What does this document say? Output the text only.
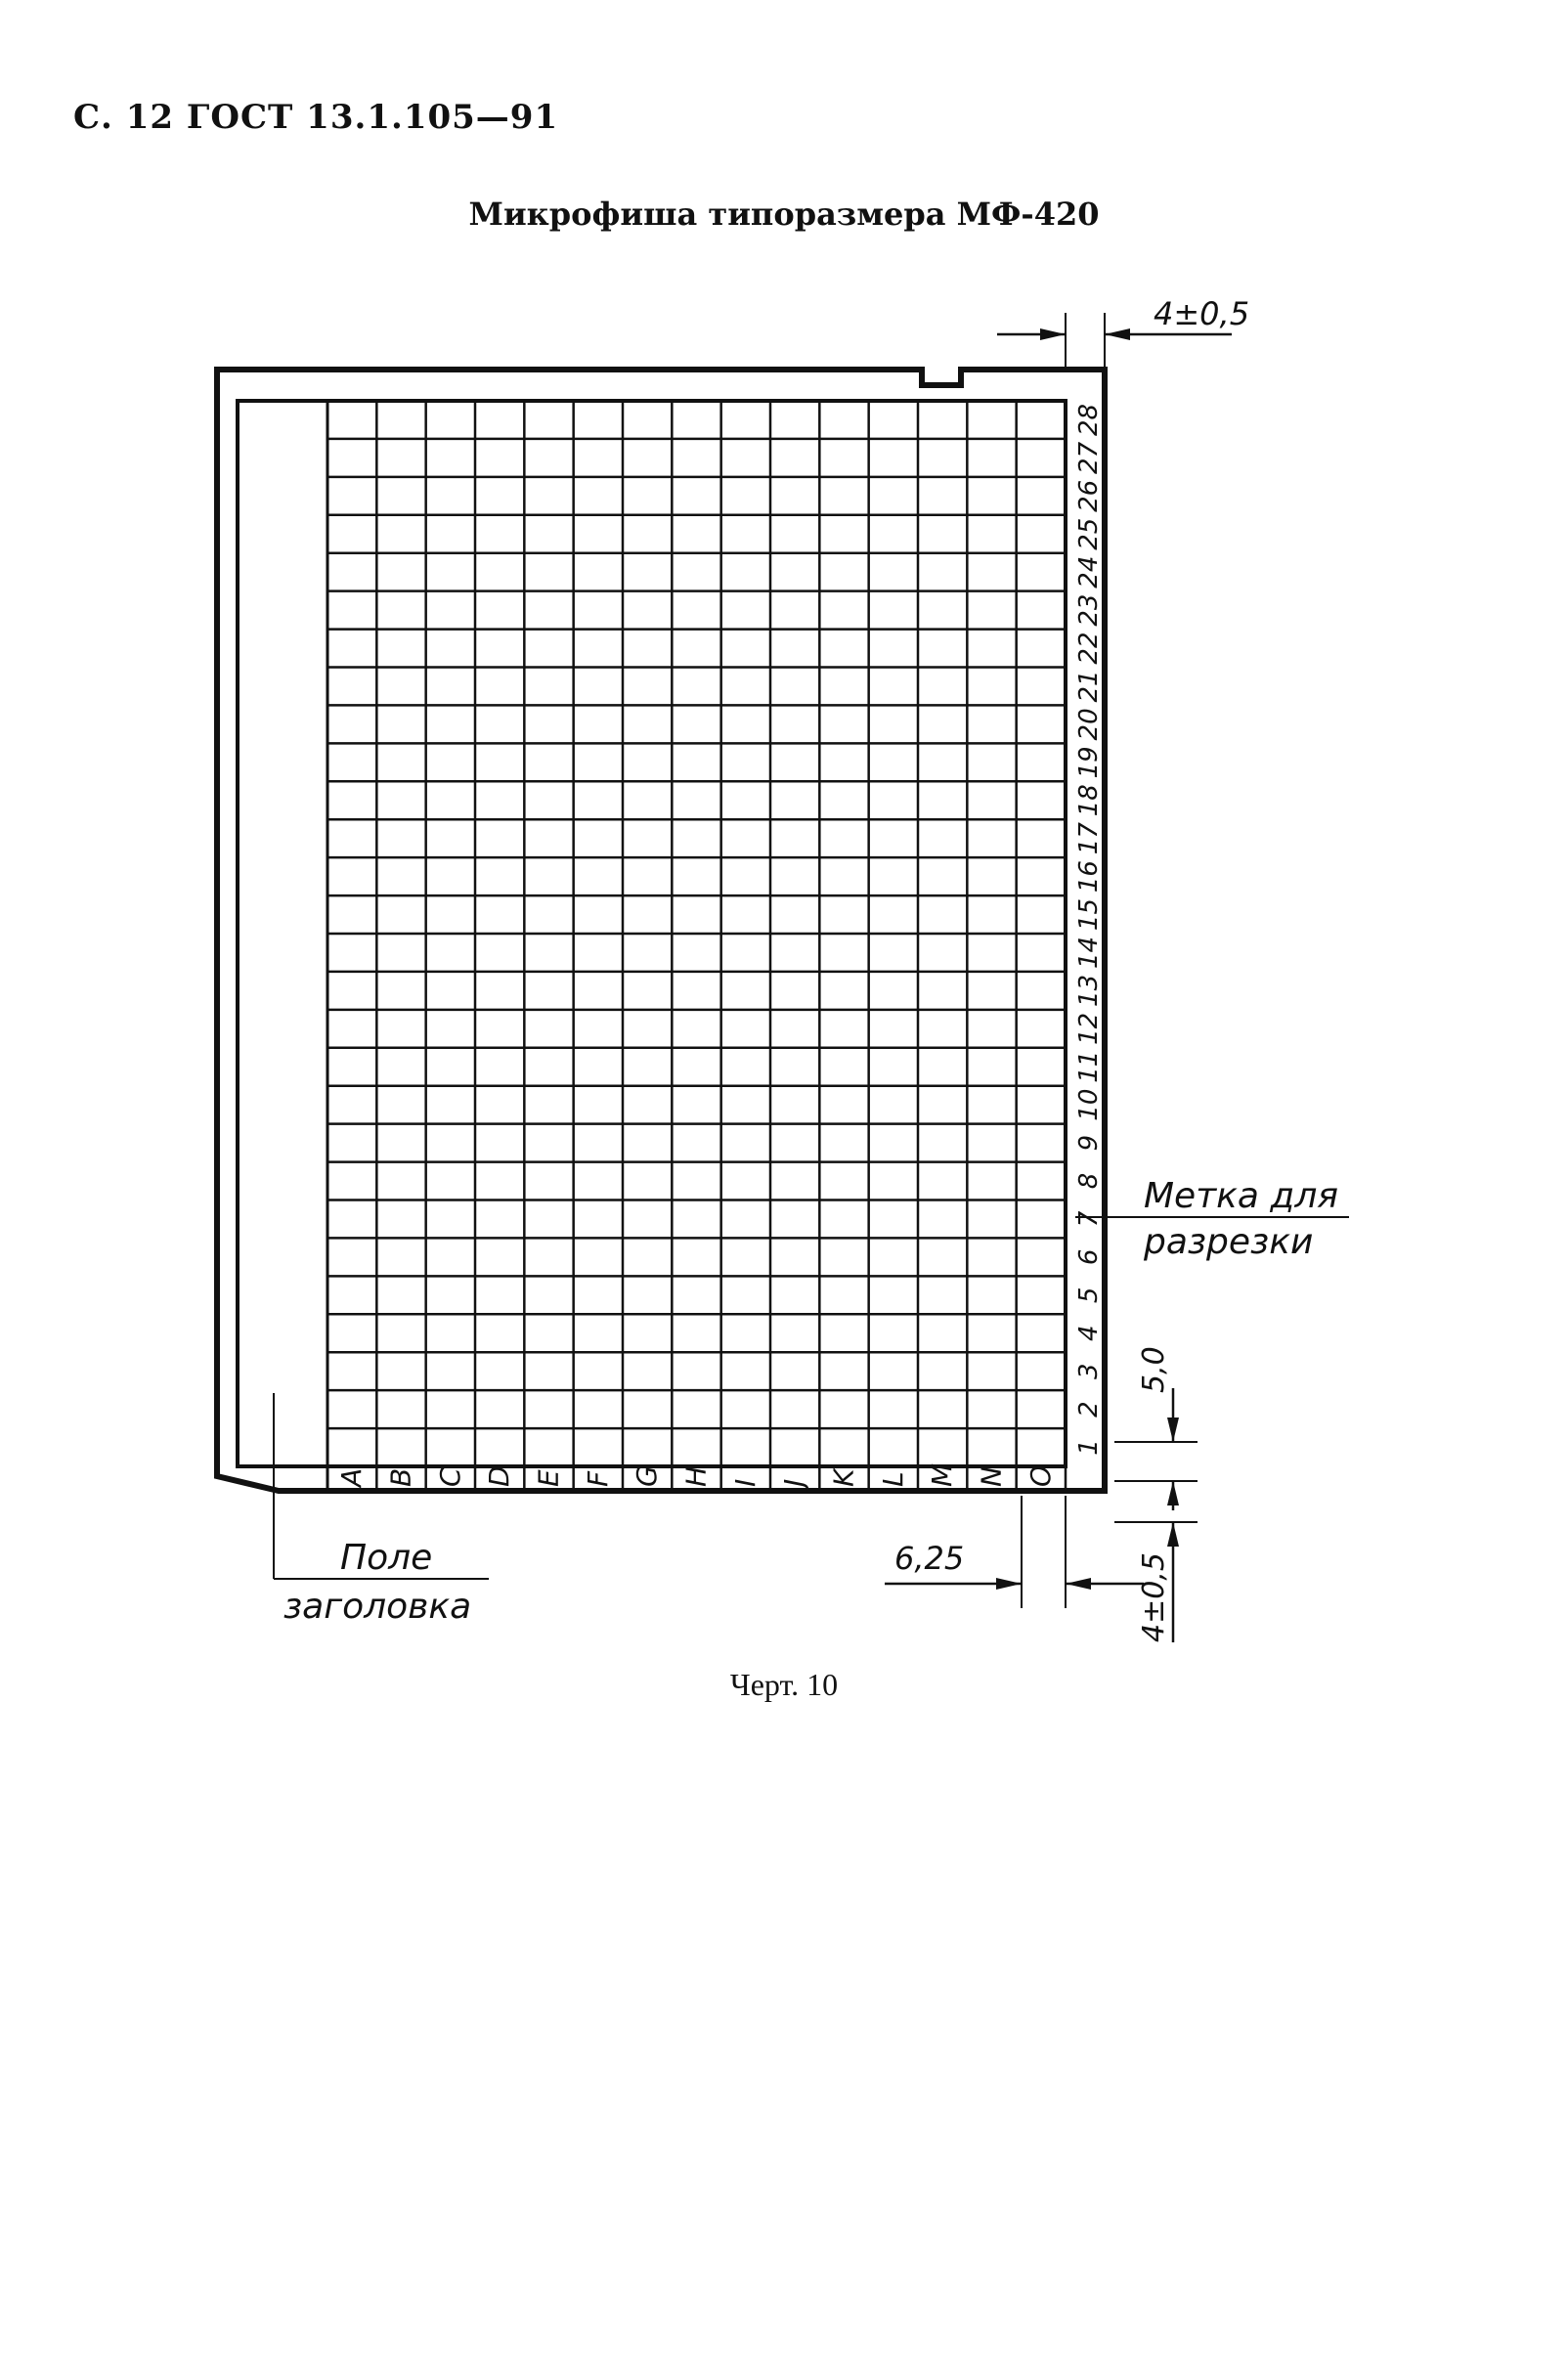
С. 12 ГОСТ 13.1.105—91
Микрофиша типоразмера МФ-420
A B C D E F G H I J K L M N O
1
2
3
4
5
6
7
8
9
10
11
12
13
14
15
16
17
18
19
20
21
22
23
24
25
26
27
28
4±0,5
5,0
4±0,5
6,25
Метка для
разрезки
Поле
заголовка
Черт. 10
